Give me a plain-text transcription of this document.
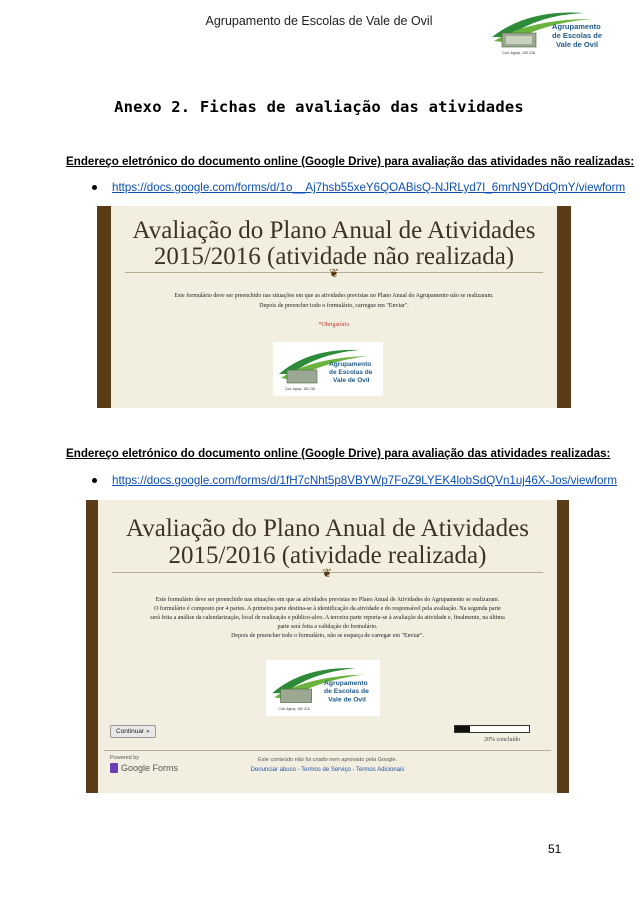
Agrupamento de Escolas de Vale de Ovil	Agrupamento
de Escolas de
Vale de Ovil
Cód. Agrup. 150 216
Anexo 2. Fichas de avaliação das atividades
Endereço eletrónico do documento online (Google Drive) para avaliação das atividades não realizadas:
https://docs.google.com/forms/d/1o__Aj7hsb55xeY6QOABisQ-NJRLyd7I_6mrN9YDdQmY/viewform
Avaliação do Plano Anual de Atividades
2015/2016 (atividade não realizada)
❦
Este formulário deve ser preenchido nas situações em que as atividades previstas no Plano Anual do Agrupamento não se realizaram.
Depois de preencher todo o formulário, carregue em "Enviar".
*Obrigatório
Agrupamento
de Escolas de
Vale de Ovil
Cód. Agrup. 150 216
Endereço eletrónico do documento online (Google Drive) para avaliação das atividades realizadas:
https://docs.google.com/forms/d/1fH7cNht5p8VBYWp7FoZ9LYEK4lobSdQVn1uj46X-Jos/viewform
Avaliação do Plano Anual de Atividades
2015/2016 (atividade realizada)
❦
Este formulário deve ser preenchido nas situações em que as atividades previstas no Plano Anual de Atividades do Agrupamento se realizaram.
O formulário é composto por 4 partes. A primeira parte destina-se à identificação da atividade e do responsável pela avaliação. Na segunda parte
será feita a análise da calendarização, local de realização e público-alvo. A terceira parte reporta-se à avaliação da atividade e, finalmente, na última
parte será feita a validação do formulário.
Depois de preencher todo o formulário, não se esqueça de carregar em "Enviar".
Agrupamento
de Escolas de
Vale de Ovil
Cód. Agrup. 150 216
Continuar »
20% concluído
Powered by
Google Forms
Este conteúdo não foi criado nem aprovado pela Google.
Denunciar abuso - Termos de Serviço - Termos Adicionais
51
